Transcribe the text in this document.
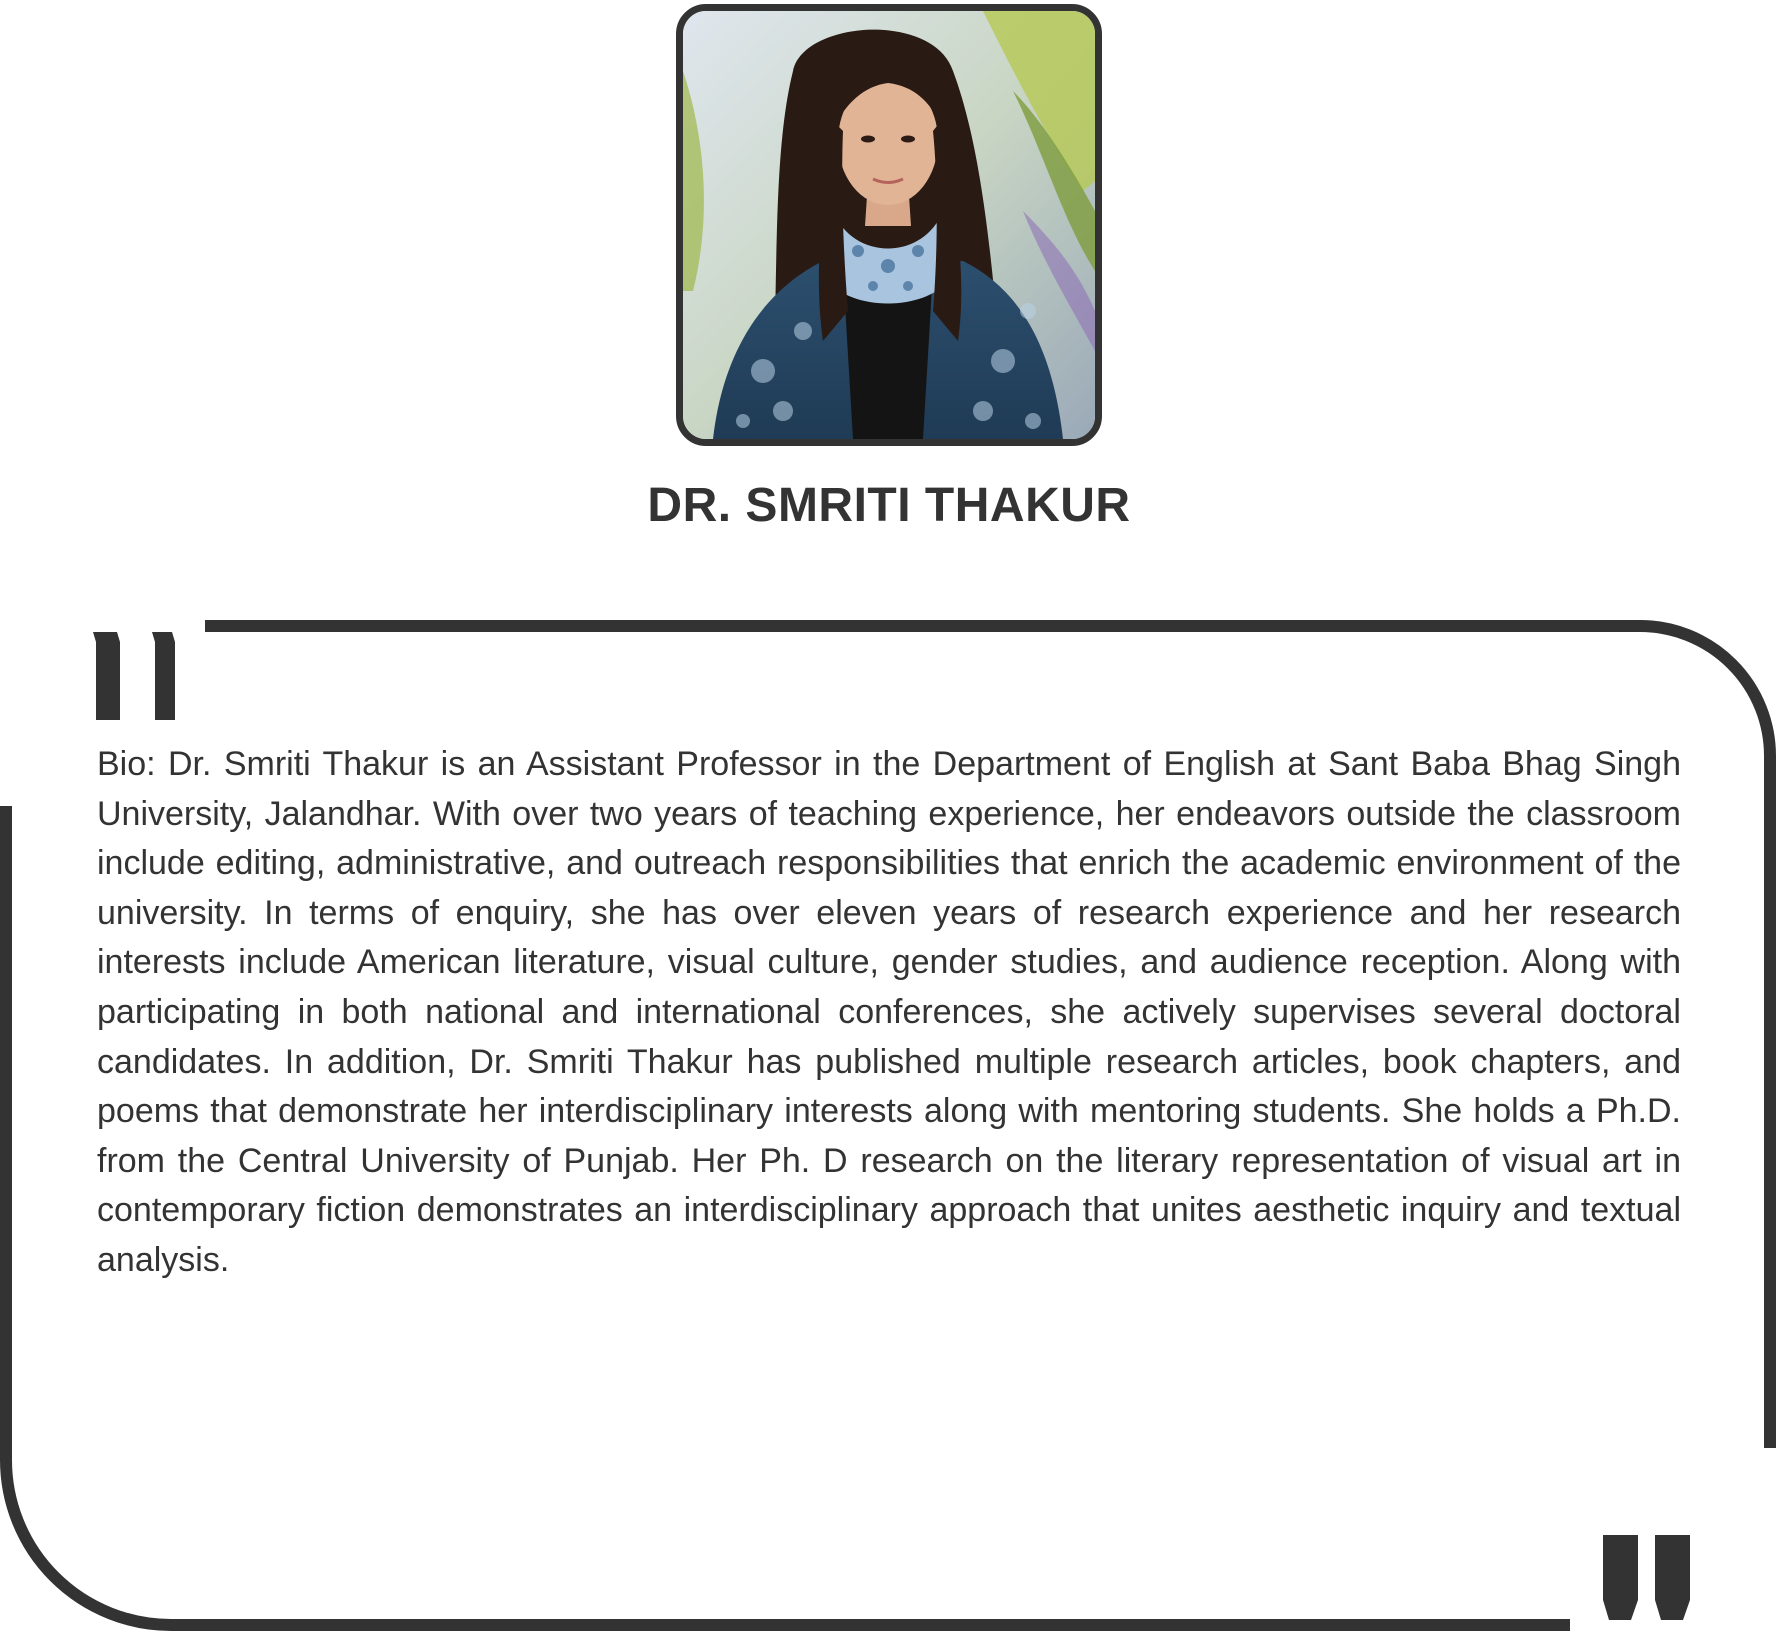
DR. SMRITI THAKUR

Bio: Dr. Smriti Thakur is an Assistant Professor in the Department of English at Sant Baba Bhag Singh University, Jalandhar. With over two years of teaching experience, her endeavors outside the classroom include editing, administrative, and outreach responsibilities that enrich the academic environment of the university. In terms of enquiry, she has over eleven years of research experience and her research interests include American literature, visual culture, gender studies, and audience reception. Along with participating in both national and international conferences, she actively supervises several doctoral candidates. In addition, Dr. Smriti Thakur has published multiple research articles, book chapters, and poems that demonstrate her interdisciplinary interests along with mentoring students. She holds a Ph.D. from the Central University of Punjab. Her Ph. D research on the literary representation of visual art in contemporary fiction demonstrates an interdisciplinary approach that unites aesthetic inquiry and textual analysis.
